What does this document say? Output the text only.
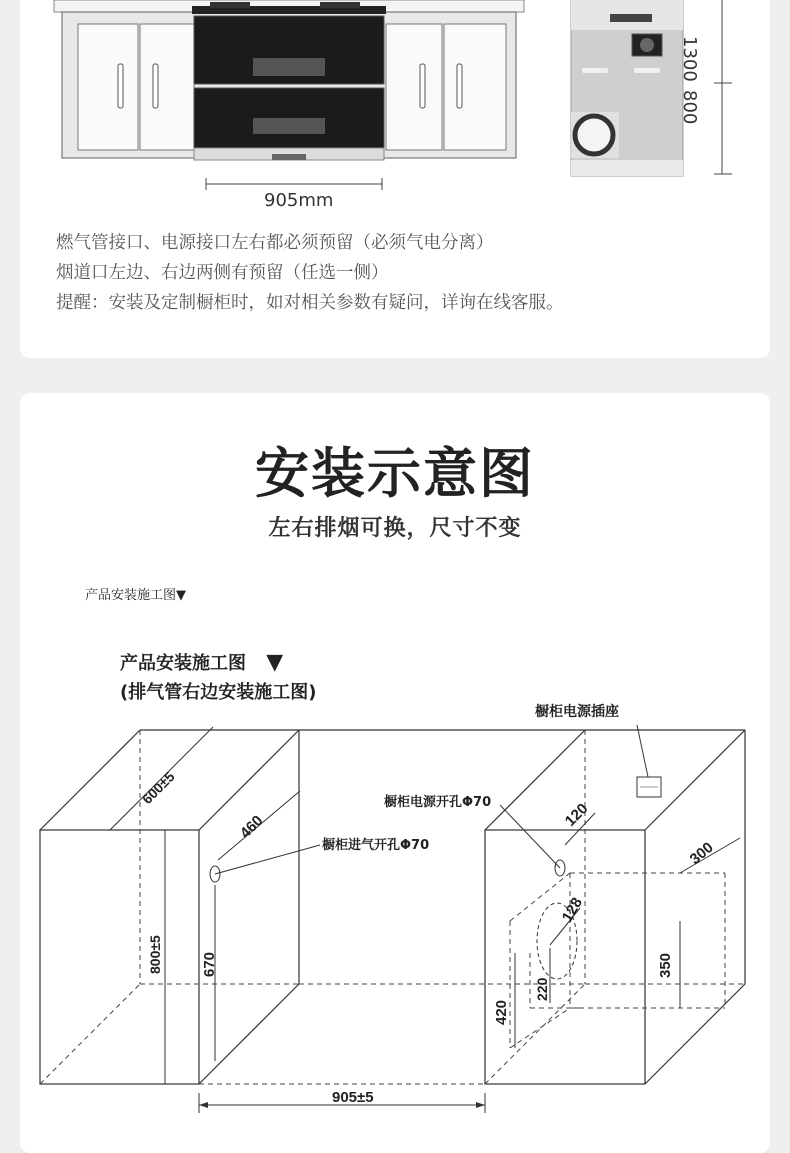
905mm
1300
800

燃气管接口、电源接口左右都必须预留（必须气电分离）

烟道口左边、右边两侧有预留（任选一侧）

提醒：安装及定制橱柜时，如对相关参数有疑问，详询在线客服。

安装示意图
左右排烟可换，尺寸不变
产品安装施工图▼
产品安装施工图 ▼
(排气管右边安装施工图)
橱柜电源插座
橱柜电源开孔Φ70
橱柜进气开孔Φ70
600±5
460
800±5	670
120
300
128
350
420
220
905±5
